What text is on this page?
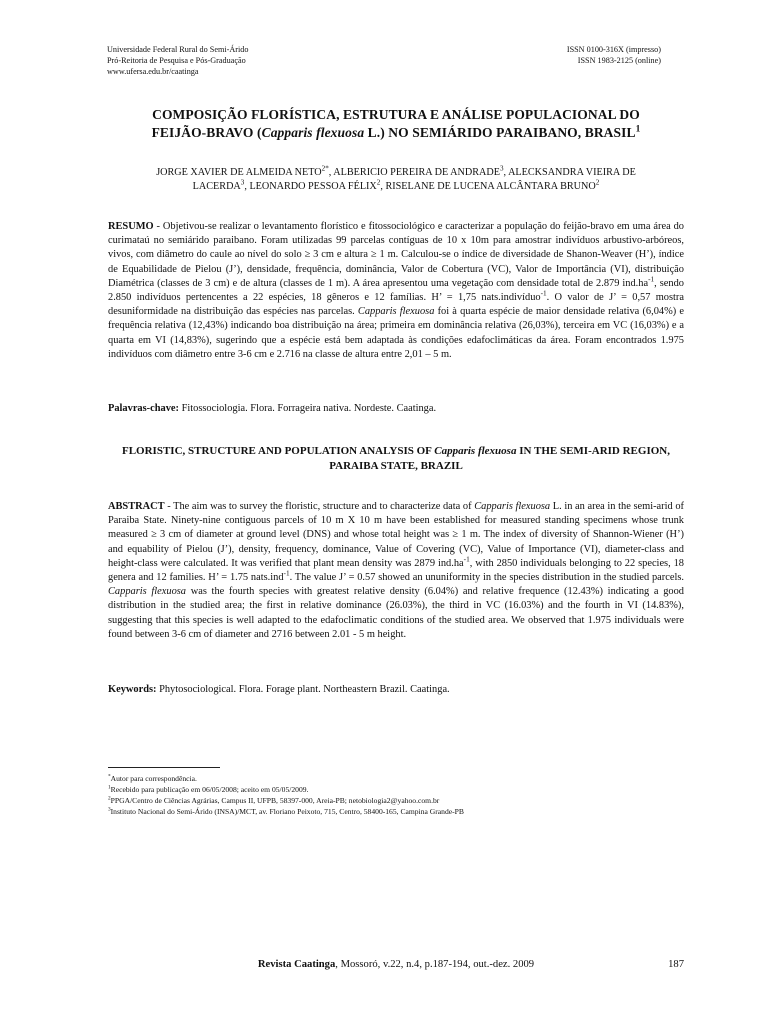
Universidade Federal Rural do Semi-Árido
Pró-Reitoria de Pesquisa e Pós-Graduação
www.ufersa.edu.br/caatinga
ISSN 0100-316X (impresso)
ISSN 1983-2125 (online)
COMPOSIÇÃO FLORÍSTICA, ESTRUTURA E ANÁLISE POPULACIONAL DO
FEIJÃO-BRAVO (Capparis flexuosa L.) NO SEMIÁRIDO PARAIBANO, BRASIL$^1$
JORGE XAVIER DE ALMEIDA $NETO^{2*}$, ALBERICIO PEREIRA DE ANDRADE$^3$, ALECKSANDRA VIEIRA DE
LACERDA$^3$, LEONARDO PESSOA FÉLIX$^2$, RISELANE DE LUCENA ALCÂNTARA BRUNO$^2$
RESUMO - Objetivou-se realizar o levantamento florístico e fitossociológico e caracterizar a população do feijão-bravo em uma área do curimataú no semiárido paraibano. Foram utilizadas 99 parcelas contíguas de 10 x 10m para amostrar indivíduos arbustivo-arbóreos, vivos, com diâmetro do caule ao nível do solo ≥ 3 cm e altura ≥ 1 m. Calculou-se o índice de diversidade de Shanon-Weaver (H’), índice de Equabilidade de Pielou (J’), densidade, frequência, dominância, Valor de Cobertura (VC), Valor de Importância (VI), distribuição Diamétrica (classes de 3 cm) e de altura (classes de 1 m). A área apresentou uma vegetação com densidade total de 2.879 $ind.ha^{-1}$, sendo 2.850 indivíduos pertencentes a 22 espécies, 18 gêneros e 12 famílias. H’ = 1,75 nats.indivíduo$^{-1}$. O valor de J’ = 0,57 mostra desuniformidade na distribuição das espécies nas parcelas. Capparis flexuosa foi à quarta espécie de maior densidade relativa (6,04%) e frequência relativa (12,43%) indicando boa distribuição na área; primeira em dominância relativa (26,03%), terceira em VC (16,03%) e a quarta em VI (14,83%), sugerindo que a espécie está bem adaptada às condições edafoclimáticas da área. Foram encontrados 1.975 indivíduos com diâmetro entre 3-6 cm e 2.716 na classe de altura entre 2,01 – 5 m.
Palavras-chave: Fitossociologia. Flora. Forrageira nativa. Nordeste. Caatinga.
FLORISTIC, STRUCTURE AND POPULATION ANALYSIS OF Capparis flexuosa IN THE SEMI-ARID REGION, PARAIBA STATE, BRAZIL
ABSTRACT - The aim was to survey the floristic, structure and to characterize data of Capparis flexuosa L. in an area in the semi-arid of Paraiba State. Ninety-nine contiguous parcels of 10 m X 10 m have been established for measured standing specimens whose trunk measured ≥ 3 cm of diameter at ground level (DNS) and whose total height was ≥ 1 m. The index of diversity of Shannon-Wiener (H’) and equability of Pielou (J’), density, frequency, dominance, Value of Covering (VC), Value of Importance (VI), diameter-class and height-class were calculated. It was verified that plant mean density was 2879 $ind.ha^{-1}$, with 2850 individuals belonging to 22 species, 18 genera and 12 families. H’ = 1.75 nats.ind$^{-1}$. The value J’ = 0.57 showed an ununiformity in the species distribution in the studied parcels. Capparis flexuosa was the fourth species with greatest relative density (6.04%) and relative frequence (12.43%) indicating a good distribution in the studied area; the first in relative dominance (26.03%), the third in VC (16.03%) and the fourth in VI (14.83%), suggesting that this species is well adapted to the edafoclimatic conditions of the studied area. We observed that 1.975 individuals were found between 3-6 cm of diameter and 2716 between 2.01 - 5 m height.
Keywords: Phytosociological. Flora. Forage plant. Northeastern Brazil. Caatinga.
*Autor para correspondência.
$^1$Recebido para publicação em 06/05/2008; aceito em 05/05/2009.
$^2$PPGA/Centro de Ciências Agrárias, Campus II, UFPB, 58397-000, Areia-PB; netobiologia2@yahoo.com.br
$^3$Instituto Nacional do Semi-Árido (INSA)/MCT, av. Floriano Peixoto, 715, Centro, 58400-165, Campina Grande-PB
Revista Caatinga, Mossoró, v.22, n.4, p.187-194, out.-dez. 2009	187
